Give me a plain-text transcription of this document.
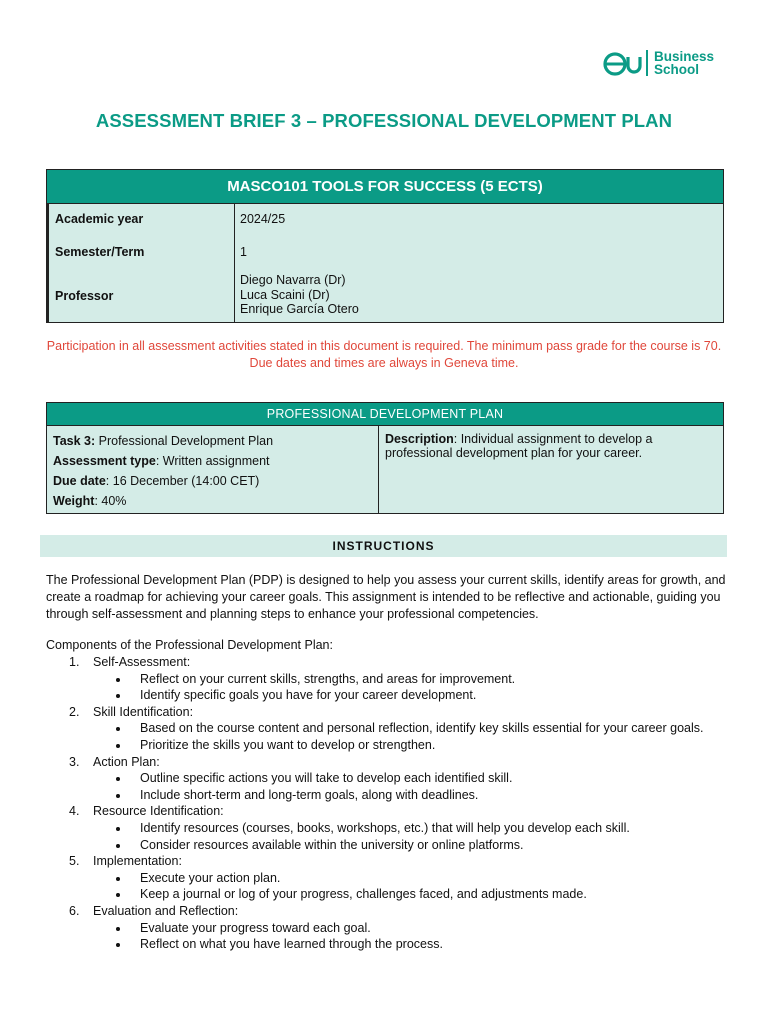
Business
School
ASSESSMENT BRIEF 3 – PROFESSIONAL DEVELOPMENT PLAN
MASCO101 TOOLS FOR SUCCESS (5 ECTS)
Academic year	2024/25
Semester/Term	1
Professor
Diego Navarra (Dr)
Luca Scaini (Dr)
Enrique García Otero
Participation in all assessment activities stated in this document is required. The minimum pass grade for the course is 70. Due dates and times are always in Geneva time.
PROFESSIONAL DEVELOPMENT PLAN
Task 3: Professional Development Plan
Assessment type: Written assignment
Due date: 16 December (14:00 CET)
Weight: 40%
Description: Individual assignment to develop a professional development plan for your career.
INSTRUCTIONS
The Professional Development Plan (PDP) is designed to help you assess your current skills, identify areas for growth, and create a roadmap for achieving your career goals. This assignment is intended to be reflective and actionable, guiding you through self-assessment and planning steps to enhance your professional competencies.
Components of the Professional Development Plan:
1. Self-Assessment:
Reflect on your current skills, strengths, and areas for improvement.
Identify specific goals you have for your career development.
2. Skill Identification:
Based on the course content and personal reflection, identify key skills essential for your career goals.
Prioritize the skills you want to develop or strengthen.
3. Action Plan:
Outline specific actions you will take to develop each identified skill.
Include short-term and long-term goals, along with deadlines.
4. Resource Identification:
Identify resources (courses, books, workshops, etc.) that will help you develop each skill.
Consider resources available within the university or online platforms.
5. Implementation:
Execute your action plan.
Keep a journal or log of your progress, challenges faced, and adjustments made.
6. Evaluation and Reflection:
Evaluate your progress toward each goal.
Reflect on what you have learned through the process.
